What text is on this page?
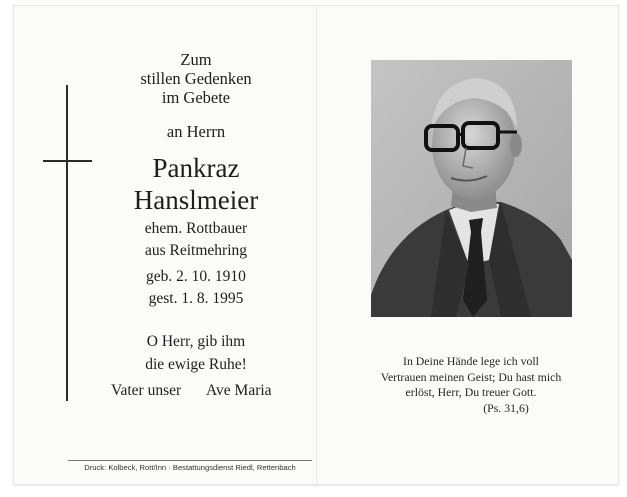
Zum
stillen Gedenken
im Gebete
an Herrn
Pankraz
Hanslmeier
ehem. Rottbauer
aus Reitmehring
geb. 2. 10. 1910
gest. 1. 8. 1995
O Herr, gib ihm
die ewige Ruhe!
Vater unser Ave Maria
Druck: Kolbeck, Rott/Inn · Bestattungsdienst Riedl, Rettenbach
In Deine Hände lege ich voll
Vertrauen meinen Geist; Du hast mich
erlöst, Herr, Du treuer Gott.
(Ps. 31,6)
